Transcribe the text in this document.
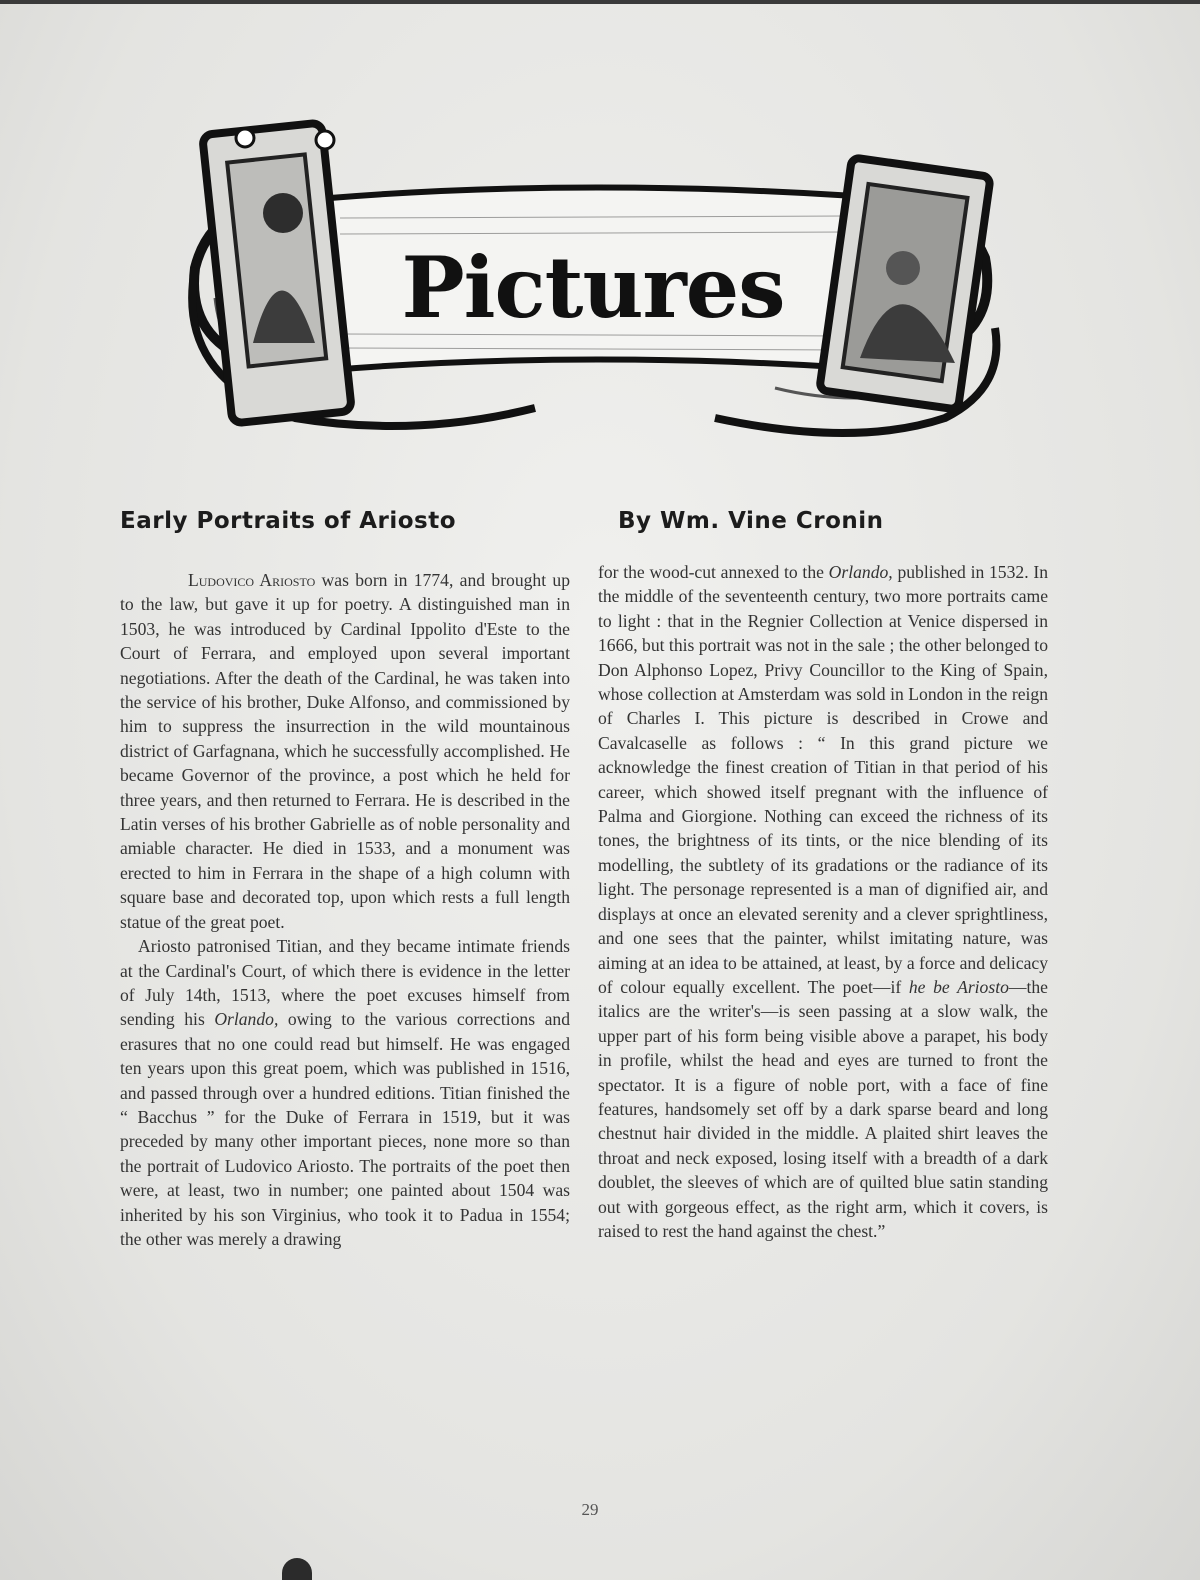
Pictures
Early Portraits of Ariosto	By Wm. Vine Cronin

Ludovico Ariosto was born in 1774, and brought up to the law, but gave it up for poetry. A distinguished man in 1503, he was introduced by Cardinal Ippolito d'Este to the Court of Ferrara, and employed upon several important negotiations. After the death of the Cardinal, he was taken into the service of his brother, Duke Alfonso, and commissioned by him to suppress the insurrection in the wild mountainous district of Garfagnana, which he successfully accomplished. He became Governor of the province, a post which he held for three years, and then returned to Ferrara. He is described in the Latin verses of his brother Gabrielle as of noble personality and amiable character. He died in 1533, and a monument was erected to him in Ferrara in the shape of a high column with square base and decorated top, upon which rests a full length statue of the great poet.

Ariosto patronised Titian, and they became intimate friends at the Cardinal's Court, of which there is evidence in the letter of July 14th, 1513, where the poet excuses himself from sending his Orlando, owing to the various corrections and erasures that no one could read but himself. He was engaged ten years upon this great poem, which was published in 1516, and passed through over a hundred editions. Titian finished the “ Bacchus ” for the Duke of Ferrara in 1519, but it was preceded by many other important pieces, none more so than the portrait of Ludovico Ariosto. The portraits of the poet then were, at least, two in number; one painted about 1504 was inherited by his son Virginius, who took it to Padua in 1554; the other was merely a drawing

for the wood-cut annexed to the Orlando, published in 1532. In the middle of the seventeenth century, two more portraits came to light : that in the Regnier Collection at Venice dispersed in 1666, but this portrait was not in the sale ; the other belonged to Don Alphonso Lopez, Privy Councillor to the King of Spain, whose collection at Amsterdam was sold in London in the reign of Charles I. This picture is described in Crowe and Cavalcaselle as follows : “ In this grand picture we acknowledge the finest creation of Titian in that period of his career, which showed itself pregnant with the influence of Palma and Giorgione. Nothing can exceed the richness of its tones, the brightness of its tints, or the nice blending of its modelling, the subtlety of its gradations or the radiance of its light. The personage represented is a man of dignified air, and displays at once an elevated serenity and a clever sprightliness, and one sees that the painter, whilst imitating nature, was aiming at an idea to be attained, at least, by a force and delicacy of colour equally excellent. The poet—if he be Ariosto—the italics are the writer's—is seen passing at a slow walk, the upper part of his form being visible above a parapet, his body in profile, whilst the head and eyes are turned to front the spectator. It is a figure of noble port, with a face of fine features, handsomely set off by a dark sparse beard and long chestnut hair divided in the middle. A plaited shirt leaves the throat and neck exposed, losing itself with a breadth of a dark doublet, the sleeves of which are of quilted blue satin standing out with gorgeous effect, as the right arm, which it covers, is raised to rest the hand against the chest.”

29
